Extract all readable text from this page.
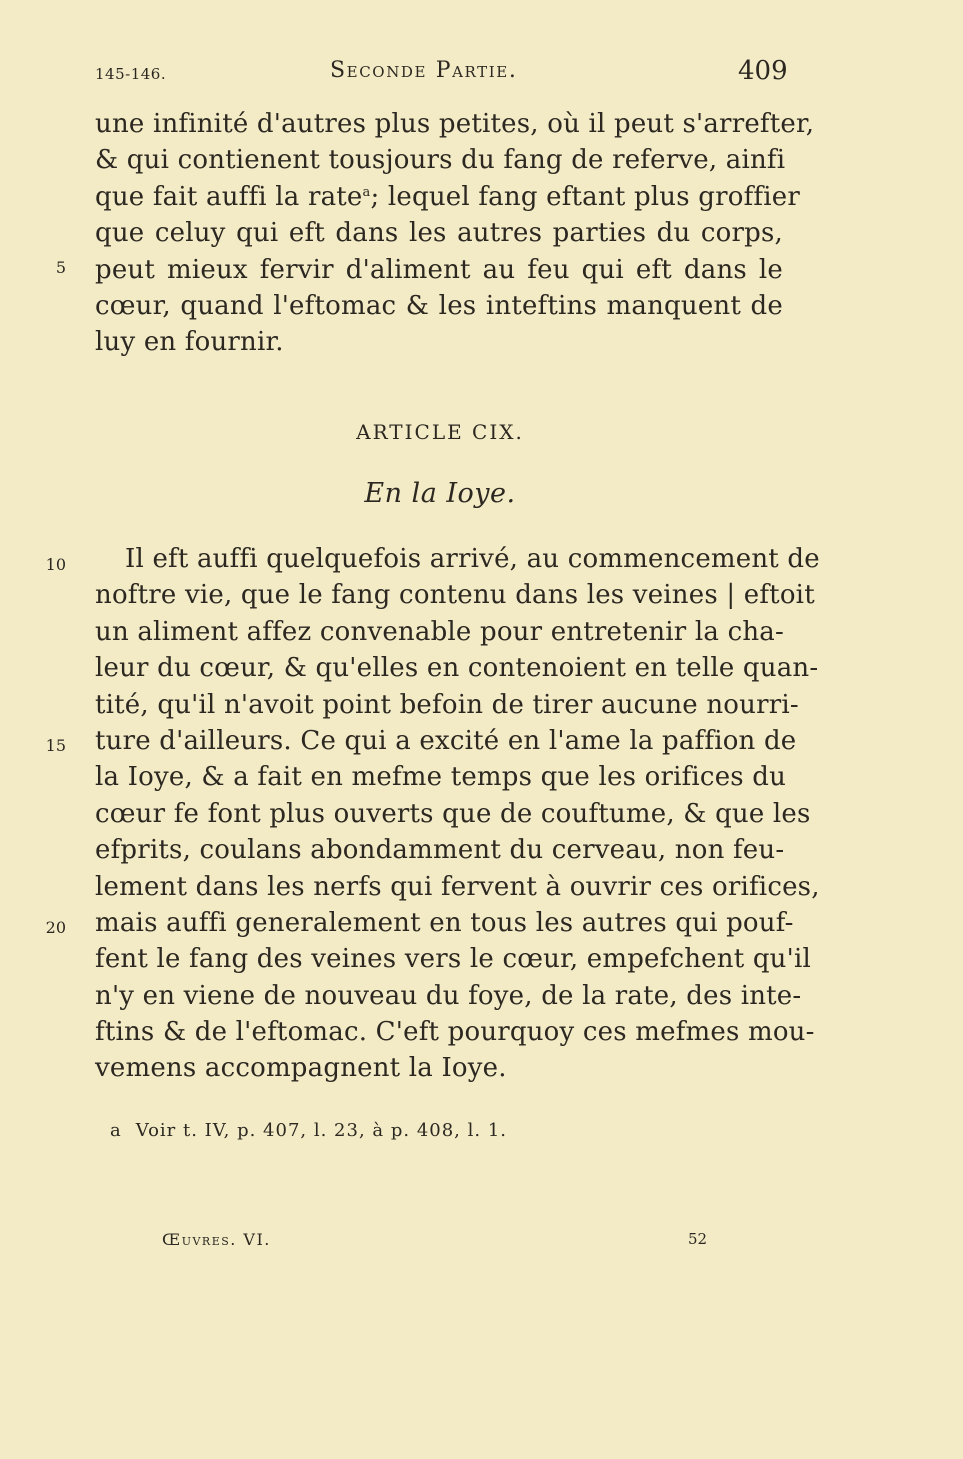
145-146.	Seconde Partie.	409
une infinité d'autres plus petites, où il peut s'arrefter,
& qui contienent tousjours du fang de referve, ainfi
que fait auffi la rate$^a$; lequel fang eftant plus groffier
que celuy qui eft dans les autres parties du corps,
peut mieux fervir d'aliment au feu qui eft dans le
cœur, quand l'eftomac & les inteftins manquent de
luy en fournir.
5
ARTICLE CIX.
En la Ioye.
Il eft auffi quelquefois arrivé, au commencement de
noftre vie, que le fang contenu dans les veines | eftoit
un aliment affez convenable pour entretenir la cha-
leur du cœur, & qu'elles en contenoient en telle quan-
tité, qu'il n'avoit point befoin de tirer aucune nourri-
ture d'ailleurs. Ce qui a excité en l'ame la paffion de
la Ioye, & a fait en mefme temps que les orifices du
cœur fe font plus ouverts que de couftume, & que les
efprits, coulans abondamment du cerveau, non feu-
lement dans les nerfs qui fervent à ouvrir ces orifices,
mais auffi generalement en tous les autres qui pouf-
fent le fang des veines vers le cœur, empefchent qu'il
n'y en viene de nouveau du foye, de la rate, des inte-
ftins & de l'eftomac. C'eft pourquoy ces mefmes mou-
vemens accompagnent la Ioye.
10
15
20
a Voir t. IV, p. 407, l. 23, à p. 408, l. 1.
Œuvres. VI.	52
